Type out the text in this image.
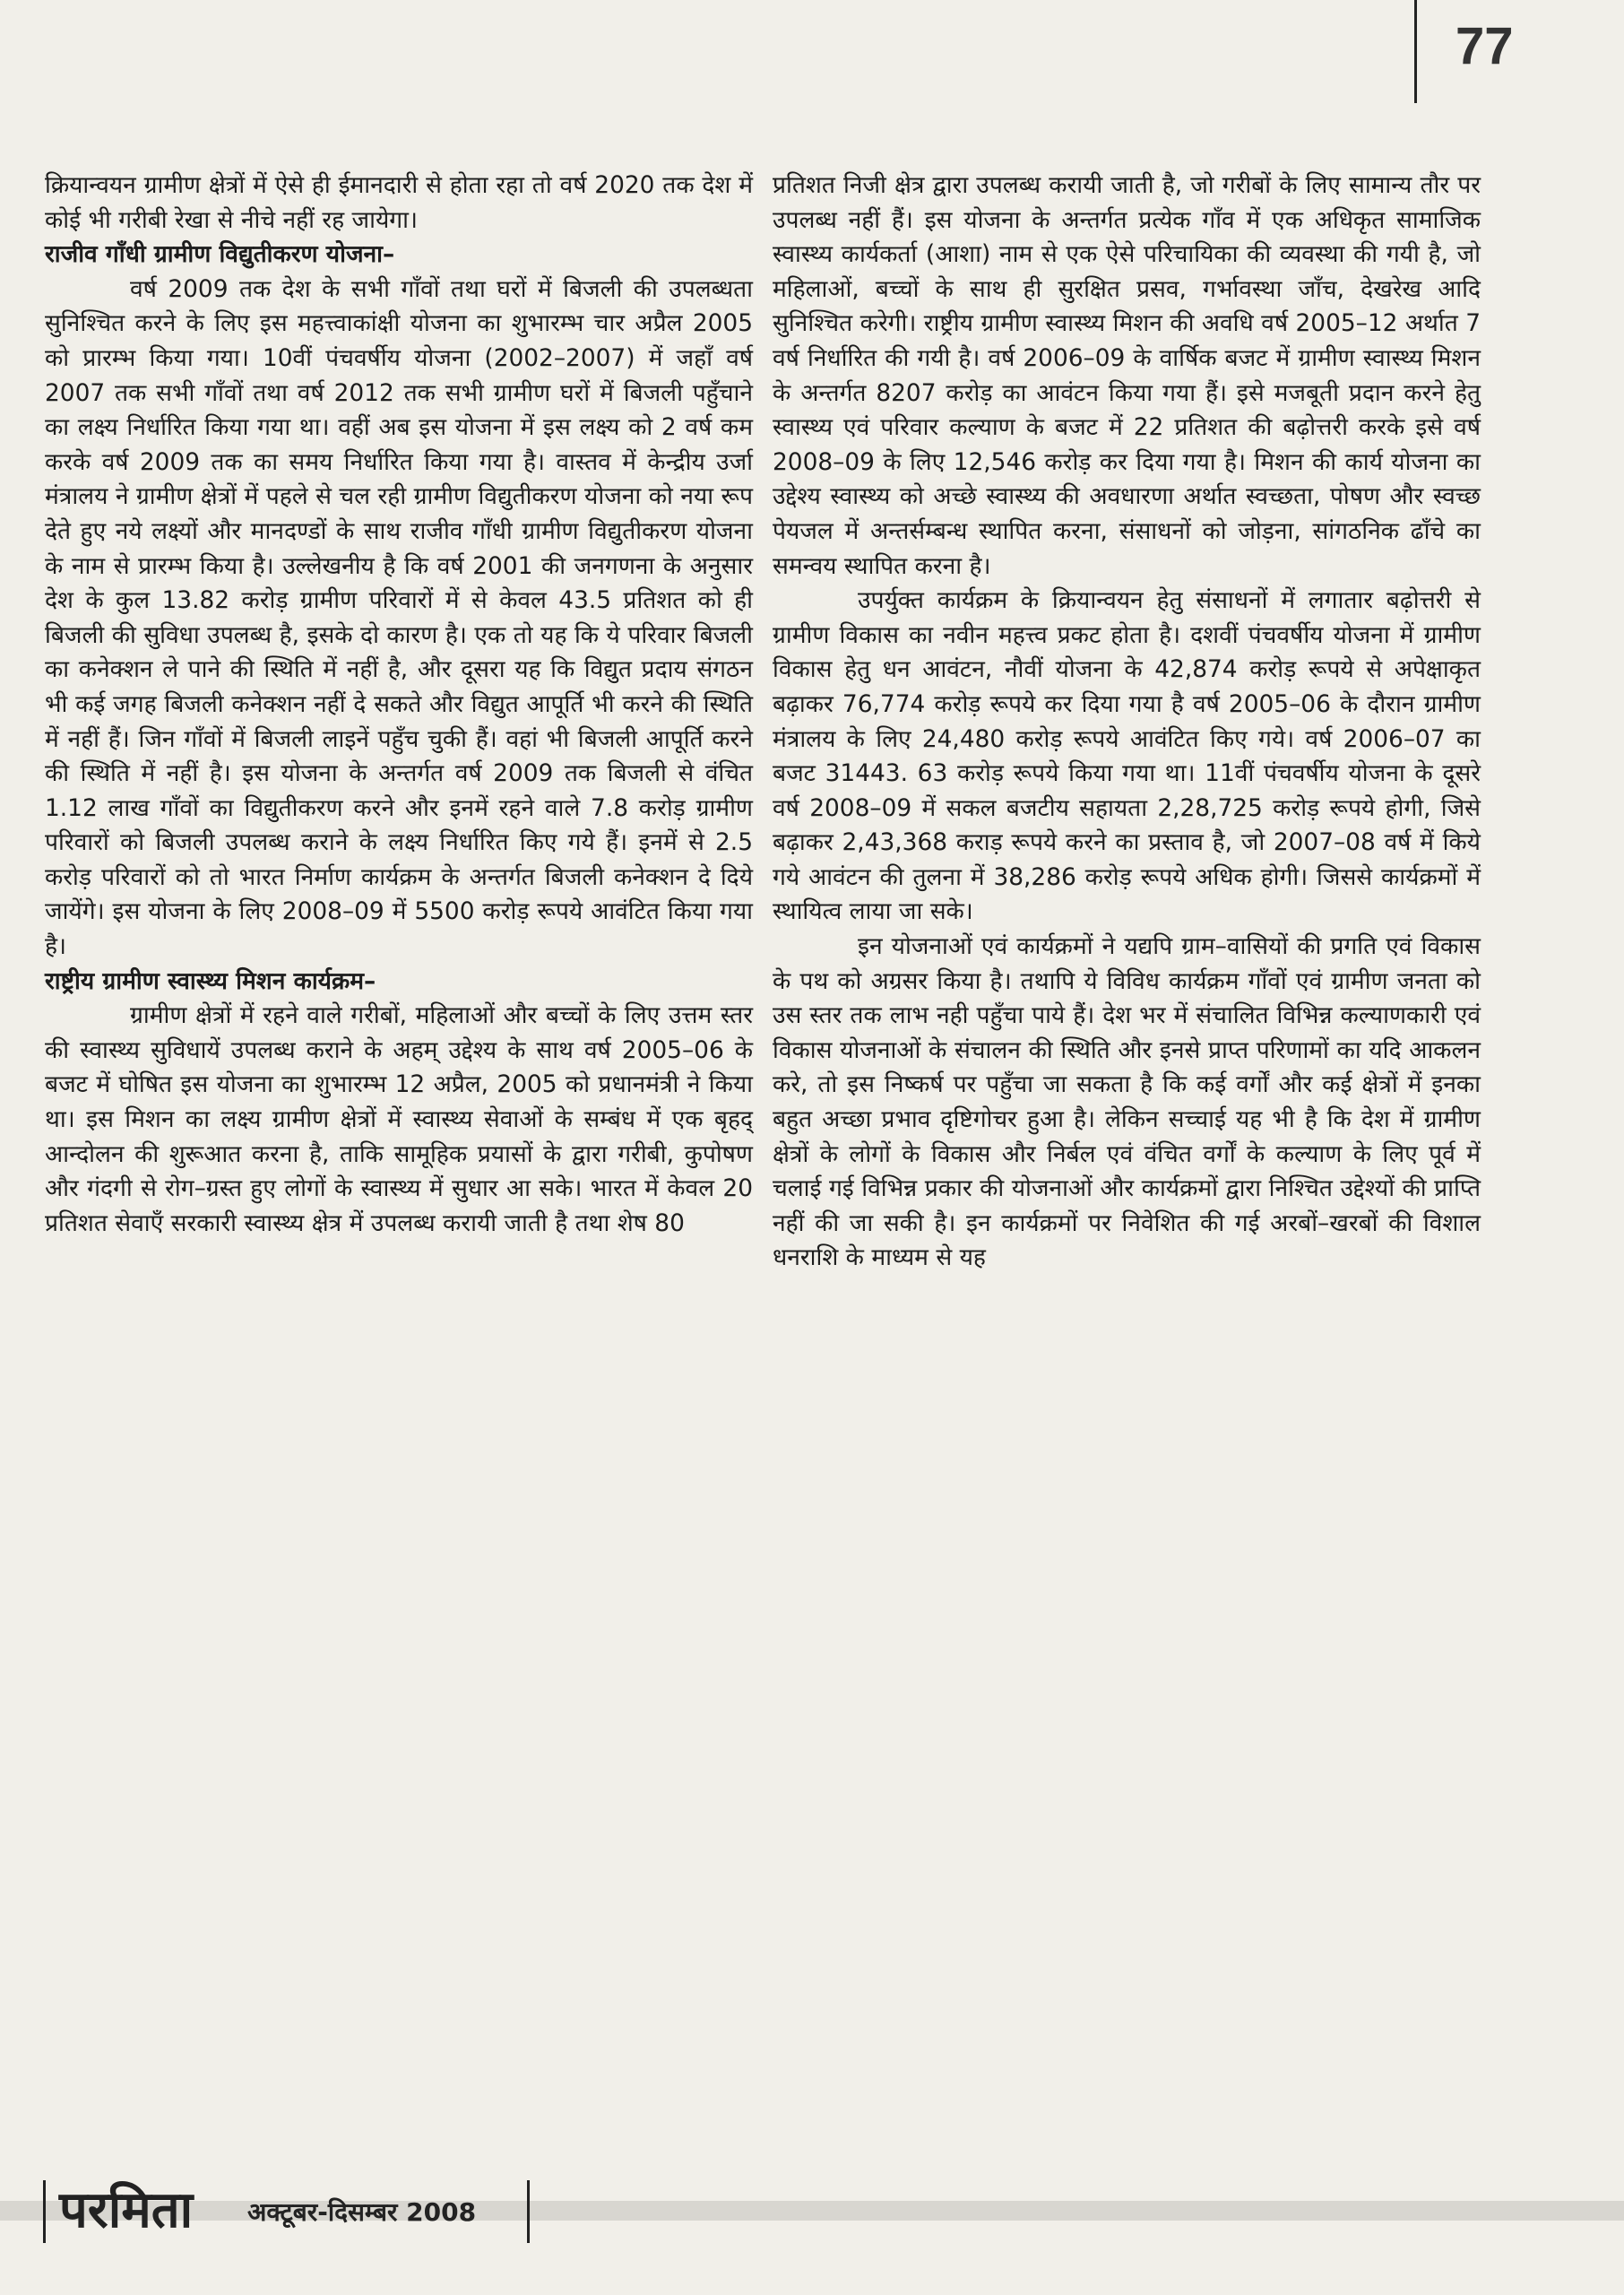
77

क्रियान्वयन ग्रामीण क्षेत्रों में ऐसे ही ईमानदारी से होता रहा तो वर्ष 2020 तक देश में कोई भी गरीबी रेखा से नीचे नहीं रह जायेगा।

राजीव गाँधी ग्रामीण विद्युतीकरण योजना–

वर्ष 2009 तक देश के सभी गाँवों तथा घरों में बिजली की उपलब्धता सुनिश्चित करने के लिए इस महत्त्वाकांक्षी योजना का शुभारम्भ चार अप्रैल 2005 को प्रारम्भ किया गया। 10वीं पंचवर्षीय योजना (2002–2007) में जहाँ वर्ष 2007 तक सभी गाँवों तथा वर्ष 2012 तक सभी ग्रामीण घरों में बिजली पहुँचाने का लक्ष्य निर्धारित किया गया था। वहीं अब इस योजना में इस लक्ष्य को 2 वर्ष कम करके वर्ष 2009 तक का समय निर्धारित किया गया है। वास्तव में केन्द्रीय उर्जा मंत्रालय ने ग्रामीण क्षेत्रों में पहले से चल रही ग्रामीण विद्युतीकरण योजना को नया रूप देते हुए नये लक्ष्यों और मानदण्डों के साथ राजीव गाँधी ग्रामीण विद्युतीकरण योजना के नाम से प्रारम्भ किया है। उल्लेखनीय है कि वर्ष 2001 की जनगणना के अनुसार देश के कुल 13.82 करोड़ ग्रामीण परिवारों में से केवल 43.5 प्रतिशत को ही बिजली की सुविधा उपलब्ध है, इसके दो कारण है। एक तो यह कि ये परिवार बिजली का कनेक्शन ले पाने की स्थिति में नहीं है, और दूसरा यह कि विद्युत प्रदाय संगठन भी कई जगह बिजली कनेक्शन नहीं दे सकते और विद्युत आपूर्ति भी करने की स्थिति में नहीं हैं। जिन गाँवों में बिजली लाइनें पहुँच चुकी हैं। वहां भी बिजली आपूर्ति करने की स्थिति में नहीं है। इस योजना के अन्तर्गत वर्ष 2009 तक बिजली से वंचित 1.12 लाख गाँवों का विद्युतीकरण करने और इनमें रहने वाले 7.8 करोड़ ग्रामीण परिवारों को बिजली उपलब्ध कराने के लक्ष्य निर्धारित किए गये हैं। इनमें से 2.5 करोड़ परिवारों को तो भारत निर्माण कार्यक्रम के अन्तर्गत बिजली कनेक्शन दे दिये जायेंगे। इस योजना के लिए 2008–09 में 5500 करोड़ रूपये आवंटित किया गया है।

राष्ट्रीय ग्रामीण स्वास्थ्य मिशन कार्यक्रम–

ग्रामीण क्षेत्रों में रहने वाले गरीबों, महिलाओं और बच्चों के लिए उत्तम स्तर की स्वास्थ्य सुविधायें उपलब्ध कराने के अहम् उद्देश्य के साथ वर्ष 2005–06 के बजट में घोषित इस योजना का शुभारम्भ 12 अप्रैल, 2005 को प्रधानमंत्री ने किया था। इस मिशन का लक्ष्य ग्रामीण क्षेत्रों में स्वास्थ्य सेवाओं के सम्बंध में एक बृहद् आन्दोलन की शुरूआत करना है, ताकि सामूहिक प्रयासों के द्वारा गरीबी, कुपोषण और गंदगी से रोग–ग्रस्त हुए लोगों के स्वास्थ्य में सुधार आ सके। भारत में केवल 20 प्रतिशत सेवाएँ सरकारी स्वास्थ्य क्षेत्र में उपलब्ध करायी जाती है तथा शेष 80

प्रतिशत निजी क्षेत्र द्वारा उपलब्ध करायी जाती है, जो गरीबों के लिए सामान्य तौर पर उपलब्ध नहीं हैं। इस योजना के अन्तर्गत प्रत्येक गाँव में एक अधिकृत सामाजिक स्वास्थ्य कार्यकर्ता (आशा) नाम से एक ऐसे परिचायिका की व्यवस्था की गयी है, जो महिलाओं, बच्चों के साथ ही सुरक्षित प्रसव, गर्भावस्था जाँच, देखरेख आदि सुनिश्चित करेगी। राष्ट्रीय ग्रामीण स्वास्थ्य मिशन की अवधि वर्ष 2005–12 अर्थात 7 वर्ष निर्धारित की गयी है। वर्ष 2006–09 के वार्षिक बजट में ग्रामीण स्वास्थ्य मिशन के अन्तर्गत 8207 करोड़ का आवंटन किया गया हैं। इसे मजबूती प्रदान करने हेतु स्वास्थ्य एवं परिवार कल्याण के बजट में 22 प्रतिशत की बढ़ोत्तरी करके इसे वर्ष 2008–09 के लिए 12,546 करोड़ कर दिया गया है। मिशन की कार्य योजना का उद्देश्य स्वास्थ्य को अच्छे स्वास्थ्य की अवधारणा अर्थात स्वच्छता, पोषण और स्वच्छ पेयजल में अन्तर्सम्बन्ध स्थापित करना, संसाधनों को जोड़ना, सांगठनिक ढाँचे का समन्वय स्थापित करना है।

उपर्युक्त कार्यक्रम के क्रियान्वयन हेतु संसाधनों में लगातार बढ़ोत्तरी से ग्रामीण विकास का नवीन महत्त्व प्रकट होता है। दशवीं पंचवर्षीय योजना में ग्रामीण विकास हेतु धन आवंटन, नौवीं योजना के 42,874 करोड़ रूपये से अपेक्षाकृत बढ़ाकर 76,774 करोड़ रूपये कर दिया गया है वर्ष 2005–06 के दौरान ग्रामीण मंत्रालय के लिए 24,480 करोड़ रूपये आवंटित किए गये। वर्ष 2006–07 का बजट 31443. 63 करोड़ रूपये किया गया था। 11वीं पंचवर्षीय योजना के दूसरे वर्ष 2008–09 में सकल बजटीय सहायता 2,28,725 करोड़ रूपये होगी, जिसे बढ़ाकर 2,43,368 कराड़ रूपये करने का प्रस्ताव है, जो 2007–08 वर्ष में किये गये आवंटन की तुलना में 38,286 करोड़ रूपये अधिक होगी। जिससे कार्यक्रमों में स्थायित्व लाया जा सके।

इन योजनाओं एवं कार्यक्रमों ने यद्यपि ग्राम–वासियों की प्रगति एवं विकास के पथ को अग्रसर किया है। तथापि ये विविध कार्यक्रम गाँवों एवं ग्रामीण जनता को उस स्तर तक लाभ नही पहुँचा पाये हैं। देश भर में संचालित विभिन्न कल्याणकारी एवं विकास योजनाओं के संचालन की स्थिति और इनसे प्राप्त परिणामों का यदि आकलन करे, तो इस निष्कर्ष पर पहुँचा जा सकता है कि कई वर्गों और कई क्षेत्रों में इनका बहुत अच्छा प्रभाव दृष्टिगोचर हुआ है। लेकिन सच्चाई यह भी है कि देश में ग्रामीण क्षेत्रों के लोगों के विकास और निर्बल एवं वंचित वर्गों के कल्याण के लिए पूर्व में चलाई गई विभिन्न प्रकार की योजनाओं और कार्यक्रमों द्वारा निश्चित उद्देश्यों की प्राप्ति नहीं की जा सकी है। इन कार्यक्रमों पर निवेशित की गई अरबों–खरबों की विशाल धनराशि के माध्यम से यह

परमिता अक्टूबर-दिसम्बर 2008
